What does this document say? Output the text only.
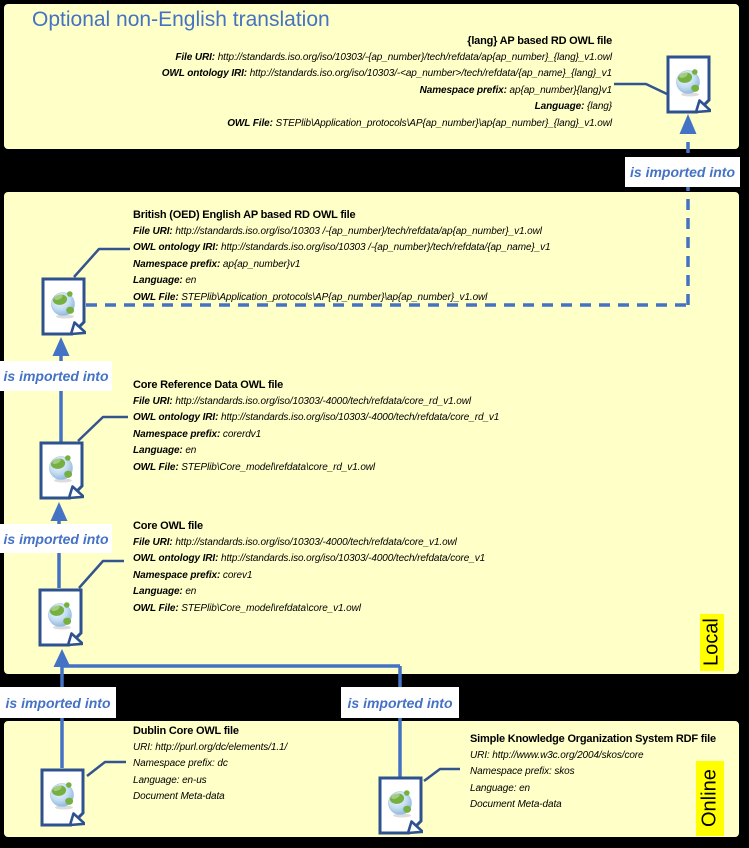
Optional non-English translation
{lang} AP based RD OWL file
File URI: http://standards.iso.org/iso/10303/-{ap_number}/tech/refdata/ap{ap_number}_{lang}_v1.owl
OWL ontology IRI: http://standards.iso.org/iso/10303/-<ap_number>/tech/refdata/{ap_name}_{lang}_v1
Namespace prefix: ap{ap_number}{lang}v1
Language: {lang}
OWL File: STEPlib\Application_protocols\AP{ap_number}\ap{ap_number}_{lang}_v1.owl
British (OED) English AP based RD OWL file
File URI: http://standards.iso.org/iso/10303 /-{ap_number}/tech/refdata/ap{ap_number}_v1.owl
OWL ontology IRI: http://standards.iso.org/iso/10303 /-{ap_number}/tech/refdata/{ap_name}_v1
Namespace prefix: ap{ap_number}v1
Language: en
OWL File: STEPlib\Application_protocols\AP{ap_number}\ap{ap_number}_v1.owl
Core Reference Data OWL file
File URI: http://standards.iso.org/iso/10303/-4000/tech/refdata/core_rd_v1.owl
OWL ontology IRI: http://standards.iso.org/iso/10303/-4000/tech/refdata/core_rd_v1
Namespace prefix: corerdv1
Language: en
OWL File: STEPlib\Core_model\refdata\core_rd_v1.owl
Core OWL file
File URI: http://standards.iso.org/iso/10303/-4000/tech/refdata/core_v1.owl
OWL ontology IRI: http://standards.iso.org/iso/10303/-4000/tech/refdata/core_v1
Namespace prefix: corev1
Language: en
OWL File: STEPlib\Core_model\refdata\core_v1.owl
Dublin Core OWL file
URI: http://purl.org/dc/elements/1.1/
Namespace prefix: dc
Language: en-us
Document Meta-data
Simple Knowledge Organization System RDF file
URI: http://www.w3c.org/2004/skos/core
Namespace prefix: skos
Language: en
Document Meta-data
is imported into
is imported into
is imported into
is imported into	is imported into
Local
Online
